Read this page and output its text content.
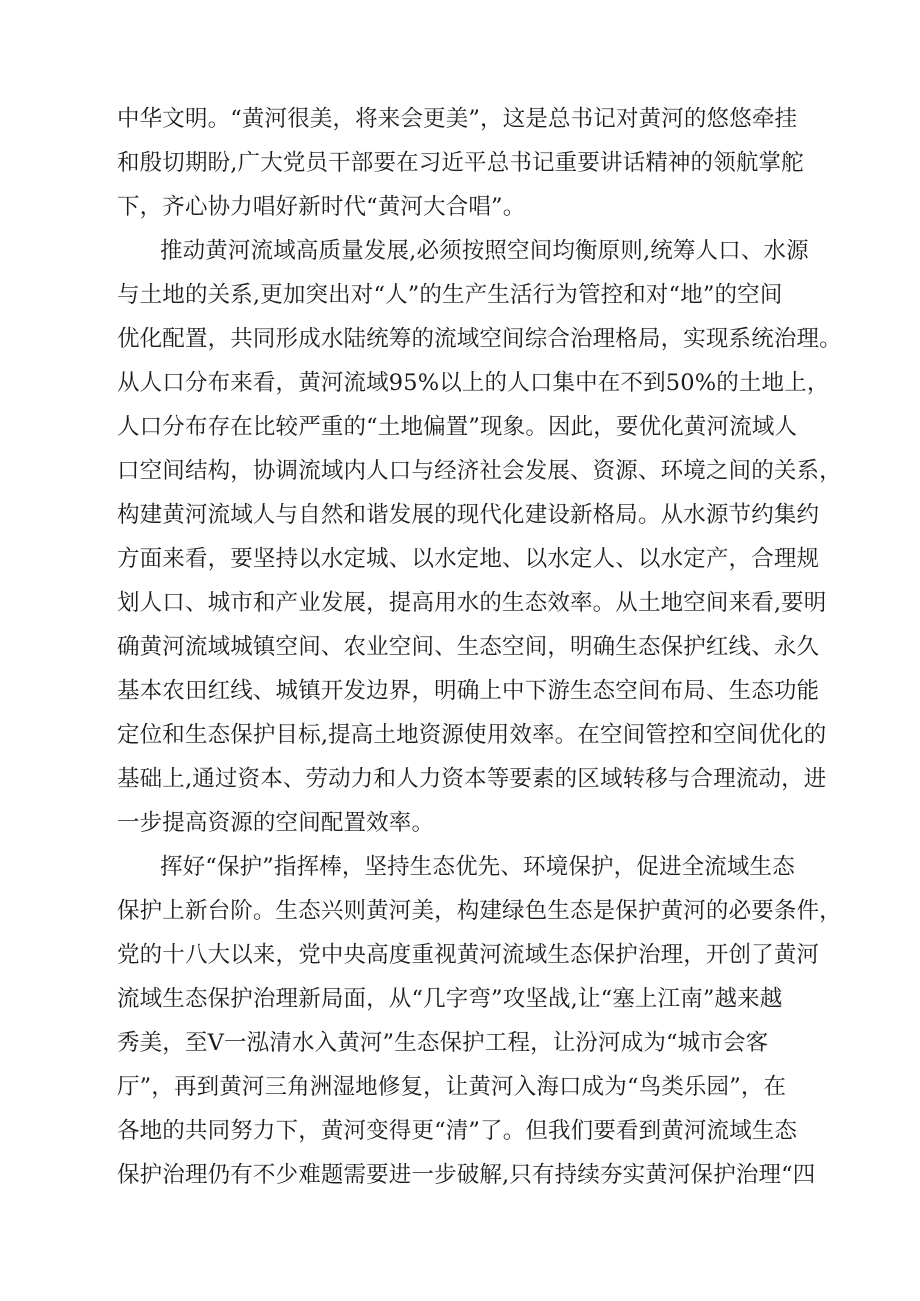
中华文明。“黄河很美，将来会更美”，这是总书记对黄河的悠悠牵挂
和殷切期盼,广大党员干部要在习近平总书记重要讲话精神的领航掌舵
下，齐心协力唱好新时代“黄河大合唱”。
推动黄河流域高质量发展,必须按照空间均衡原则,统筹人口、水源
与土地的关系,更加突出对“人”的生产生活行为管控和对“地”的空间
优化配置，共同形成水陆统筹的流域空间综合治理格局，实现系统治理。
从人口分布来看，黄河流域95%以上的人口集中在不到50%的土地上，
人口分布存在比较严重的“土地偏置”现象。因此，要优化黄河流域人
口空间结构，协调流域内人口与经济社会发展、资源、环境之间的关系，
构建黄河流域人与自然和谐发展的现代化建设新格局。从水源节约集约
方面来看，要坚持以水定城、以水定地、以水定人、以水定产，合理规
划人口、城市和产业发展，提高用水的生态效率。从土地空间来看,要明
确黄河流域城镇空间、农业空间、生态空间，明确生态保护红线、永久
基本农田红线、城镇开发边界，明确上中下游生态空间布局、生态功能
定位和生态保护目标,提高土地资源使用效率。在空间管控和空间优化的
基础上,通过资本、劳动力和人力资本等要素的区域转移与合理流动，进
一步提高资源的空间配置效率。
挥好“保护”指挥棒，坚持生态优先、环境保护，促进全流域生态
保护上新台阶。生态兴则黄河美，构建绿色生态是保护黄河的必要条件，
党的十八大以来，党中央高度重视黄河流域生态保护治理，开创了黄河
流域生态保护治理新局面，从“几字弯”攻坚战,让“塞上江南”越来越
秀美，至V一泓清水入黄河”生态保护工程，让汾河成为“城市会客
厅”，再到黄河三角洲湿地修复，让黄河入海口成为“鸟类乐园”，在
各地的共同努力下，黄河变得更“清”了。但我们要看到黄河流域生态
保护治理仍有不少难题需要进一步破解,只有持续夯实黄河保护治理“四
